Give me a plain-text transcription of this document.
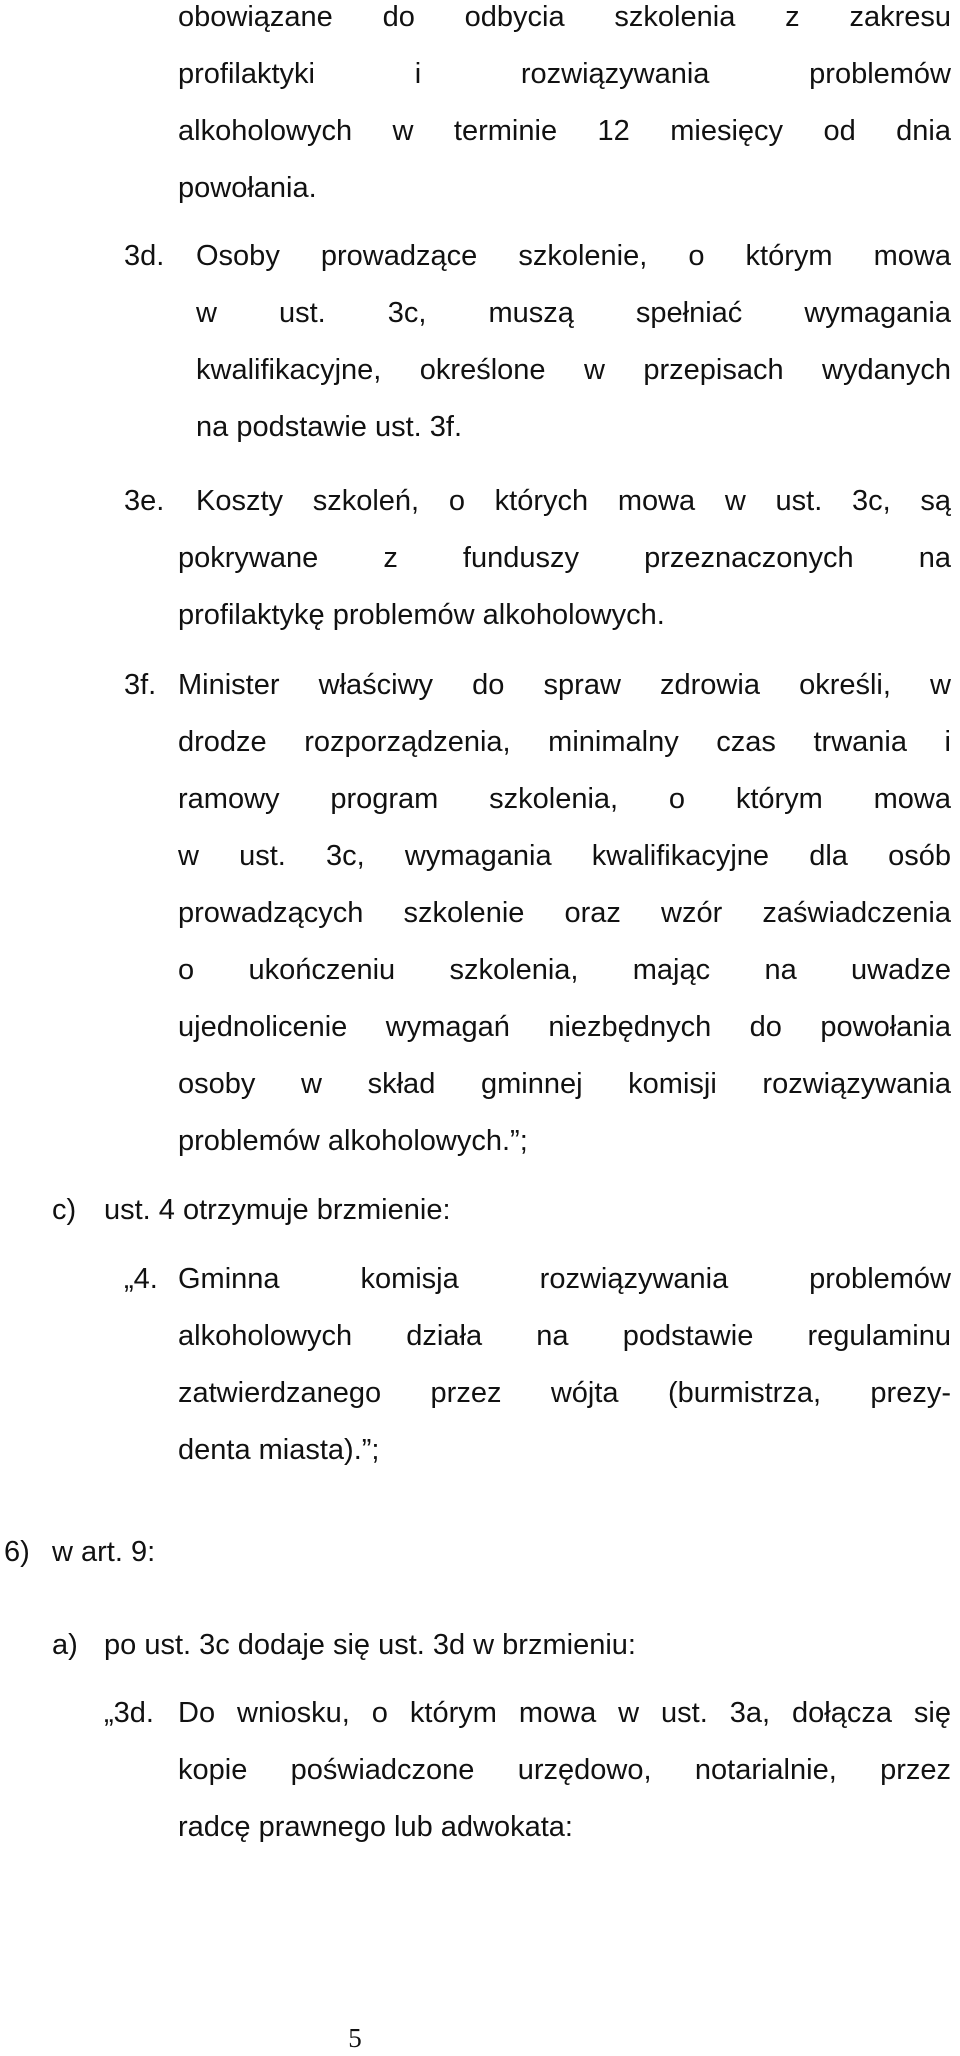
obowiązane do odbycia szkolenia z zakresu
profilaktyki i rozwiązywania problemów
alkoholowych w terminie 12 miesięcy od dnia
powołania.
3d. Osoby prowadzące szkolenie, o którym mowa
w ust. 3c, muszą spełniać wymagania
kwalifikacyjne, określone w przepisach wydanych
na podstawie ust. 3f.
3e. Koszty szkoleń, o których mowa w ust. 3c, są
pokrywane z funduszy przeznaczonych na
profilaktykę problemów alkoholowych.
3f. Minister właściwy do spraw zdrowia określi, w
drodze rozporządzenia, minimalny czas trwania i
ramowy program szkolenia, o którym mowa
w ust. 3c, wymagania kwalifikacyjne dla osób
prowadzących szkolenie oraz wzór zaświadczenia
o ukończeniu szkolenia, mając na uwadze
ujednolicenie wymagań niezbędnych do powołania
osoby w skład gminnej komisji rozwiązywania
problemów alkoholowych.”;
c) ust. 4 otrzymuje brzmienie:
„4. Gminna komisja rozwiązywania problemów
alkoholowych działa na podstawie regulaminu
zatwierdzanego przez wójta (burmistrza, prezy-
denta miasta).”;
6) w art. 9:
a) po ust. 3c dodaje się ust. 3d w brzmieniu:
„3d. Do wniosku, o którym mowa w ust. 3a, dołącza się
kopie poświadczone urzędowo, notarialnie, przez
radcę prawnego lub adwokata:
5
